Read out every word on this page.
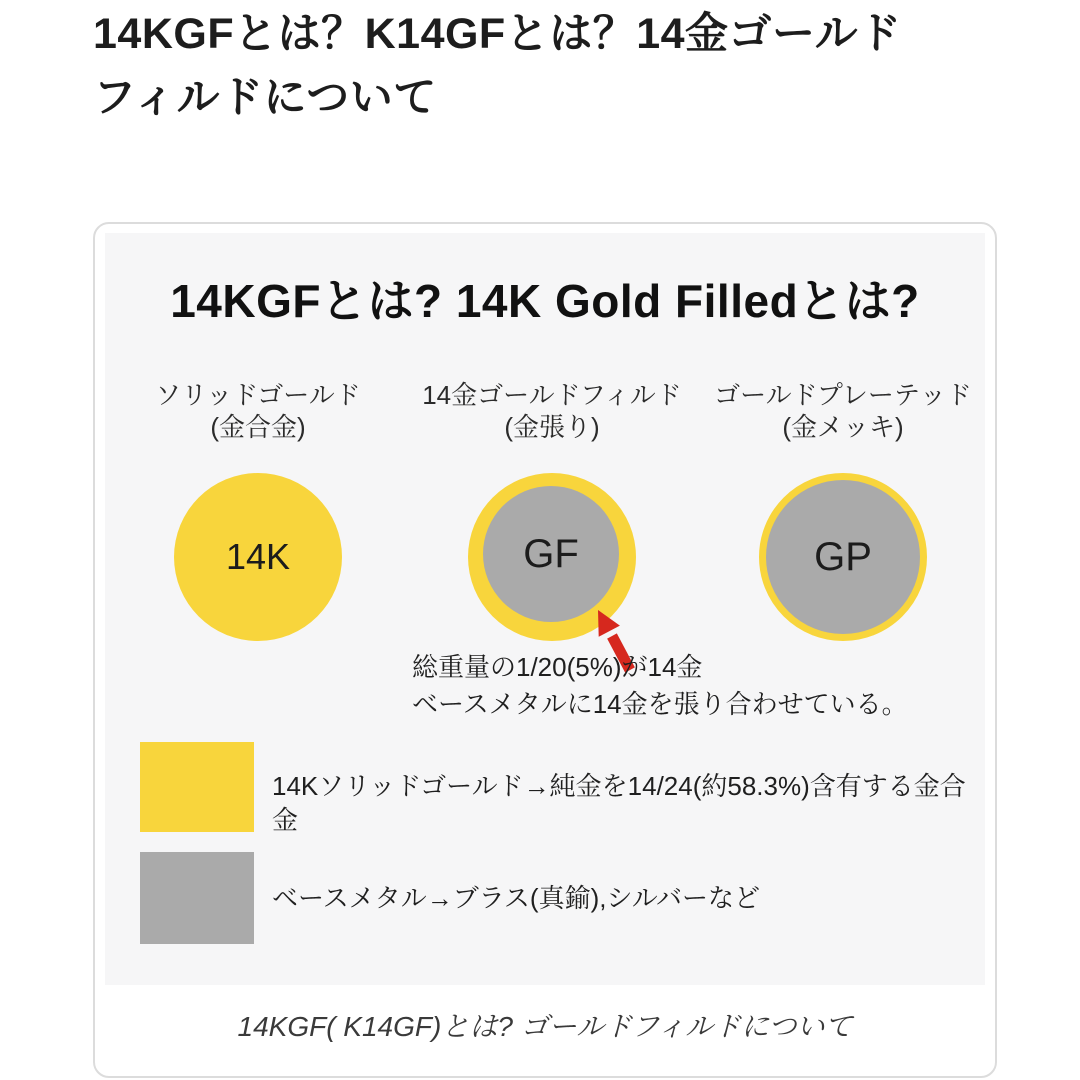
14KGFとは？K14GFとは？14金ゴールド
フィルドについて
14KGFとは? 14K Gold Filledとは?
ソリッドゴールド
(金合金)
14金ゴールドフィルド
(金張り)
ゴールドプレーテッド
(金メッキ)
14K	GF	GP
総重量の1/20(5%)が14金
ベースメタルに14金を張り合わせている。
14Kソリッドゴールド→純金を14/24(約58.3%)含有する金合金
ベースメタル→ブラス(真鍮),シルバーなど
14KGF( K14GF)とは? ゴールドフィルドについて
